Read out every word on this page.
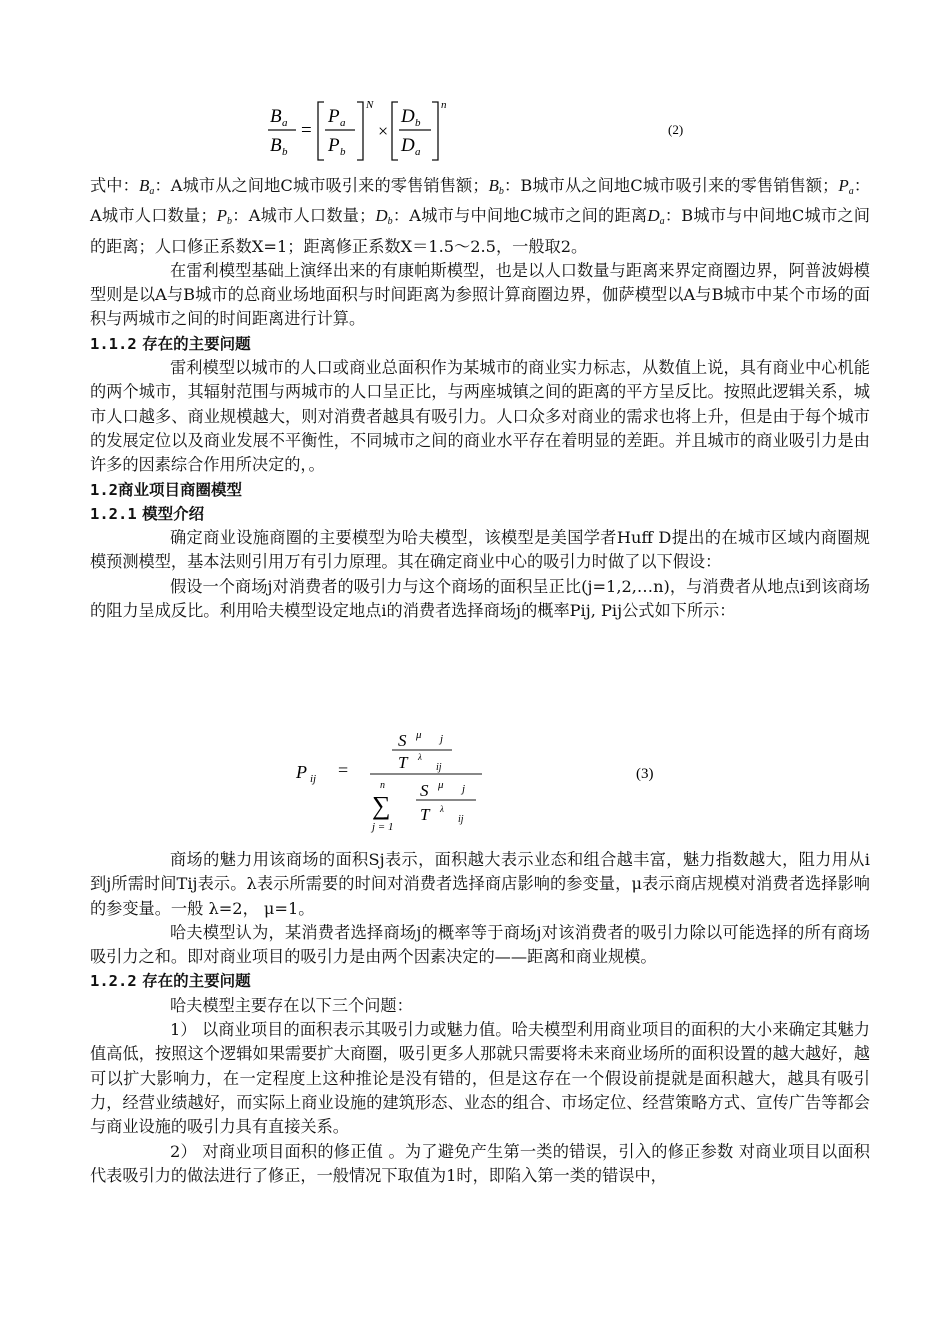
B a
B b
=
P a
P b
N
×
D b
D a
n
(2)

式中：$B_a$：A城市从之间地C城市吸引来的零售销售额；$B_b$：B城市从之间地C城市吸引来的零售销售额；$P_a$：A城市人口数量；$P_b$：A城市人口数量；$D_b$：A城市与中间地C城市之间的距离$D_a$：B城市与中间地C城市之间的距离；人口修正系数X=1；距离修正系数X＝1.5～2.5，一般取2。

在雷利模型基础上演绎出来的有康帕斯模型，也是以人口数量与距离来界定商圈边界，阿普波姆模型则是以A与B城市的总商业场地面积与时间距离为参照计算商圈边界，伽萨模型以A与B城市中某个市场的面积与两城市之间的时间距离进行计算。

1.1.2 存在的主要问题

雷利模型以城市的人口或商业总面积作为某城市的商业实力标志，从数值上说，具有商业中心机能的两个城市，其辐射范围与两城市的人口呈正比，与两座城镇之间的距离的平方呈反比。按照此逻辑关系，城市人口越多、商业规模越大，则对消费者越具有吸引力。人口众多对商业的需求也将上升，但是由于每个城市的发展定位以及商业发展不平衡性，不同城市之间的商业水平存在着明显的差距。并且城市的商业吸引力是由许多的因素综合作用所决定的，。

1.2商业项目商圈模型

1.2.1 模型介绍

确定商业设施商圈的主要模型为哈夫模型，该模型是美国学者Huff D提出的在城市区域内商圈规模预测模型，基本法则引用万有引力原理。其在确定商业中心的吸引力时做了以下假设：

假设一个商场j对消费者的吸引力与这个商场的面积呈正比(j=1,2,…n)，与消费者从地点i到该商场的阻力呈成反比。利用哈夫模型设定地点i的消费者选择商场j的概率Pij, Pij公式如下所示：

P ij =
S μ j
T λ
ij
n
∑
j = 1
S μ j
T λ
ij
(3)

商场的魅力用该商场的面积Sj表示，面积越大表示业态和组合越丰富，魅力指数越大，阻力用从i到j所需时间Tij表示。λ表示所需要的时间对消费者选择商店影响的参变量，μ表示商店规模对消费者选择影响的参变量。一般 λ=2， μ=1。

哈夫模型认为，某消费者选择商场j的概率等于商场j对该消费者的吸引力除以可能选择的所有商场吸引力之和。即对商业项目的吸引力是由两个因素决定的——距离和商业规模。

1.2.2 存在的主要问题

哈夫模型主要存在以下三个问题：

1） 以商业项目的面积表示其吸引力或魅力值。哈夫模型利用商业项目的面积的大小来确定其魅力值高低，按照这个逻辑如果需要扩大商圈，吸引更多人那就只需要将未来商业场所的面积设置的越大越好，越可以扩大影响力，在一定程度上这种推论是没有错的，但是这存在一个假设前提就是面积越大，越具有吸引力，经营业绩越好，而实际上商业设施的建筑形态、业态的组合、市场定位、经营策略方式、宣传广告等都会与商业设施的吸引力具有直接关系。

2） 对商业项目面积的修正值 。为了避免产生第一类的错误，引入的修正参数 对商业项目以面积代表吸引力的做法进行了修正，一般情况下取值为1时，即陷入第一类的错误中，
